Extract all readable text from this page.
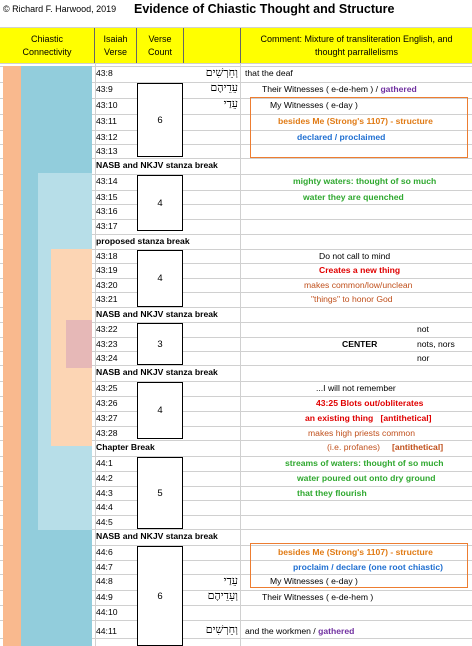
© Richard F. Harwood, 2019 Evidence of Chiastic Thought and Structure
Chiastic Connectivity
Isaiah Verse
Verse Count
Comment: Mixture of transliteration English, and thought parrallelisms
43:8
43:9
43:10
43:11
43:12
43:13
NASB and NKJV stanza break
43:14
43:15
43:16
43:17
proposed stanza break
43:18
43:19
43:20
43:21
NASB and NKJV stanza break
43:22
43:23
43:24
NASB and NKJV stanza break
43:25
43:26
43:27
43:28
Chapter Break
44:1
44:2
44:3
44:4
44:5
NASB and NKJV stanza break
44:6
44:7
44:8
44:9
44:10
44:11
6
4
4
3
4
5
6
וְחֵרְשִׁים
עֵדֵיהֶם
עֵדַי
עֵדַי
וְעֵדֵיהֶם
וְחֵרְשִׁים
that the deaf
Their Witnesses ( e-de-hem ) / gathered
My Witnesses ( e-day )
besides Me (Strong's 1107) - structure
declared / proclaimed
mighty waters: thought of so much
water they are quenched
Do not call to mind
Creates a new thing
makes common/low/unclean
"things" to honor God
not
CENTER	nots, nors
nor
...I will not remember
43:25 Blots out/obliterates
an existing thing [antithetical]
makes high priests common
(i.e. profanes) [antithetical]
streams of waters: thought of so much
water poured out onto dry ground
that they flourish
besides Me (Strong's 1107) - structure
proclaim / declare (one root chiastic)
My Witnesses ( e-day )
Their Witnesses ( e-de-hem )
and the workmen / gathered
